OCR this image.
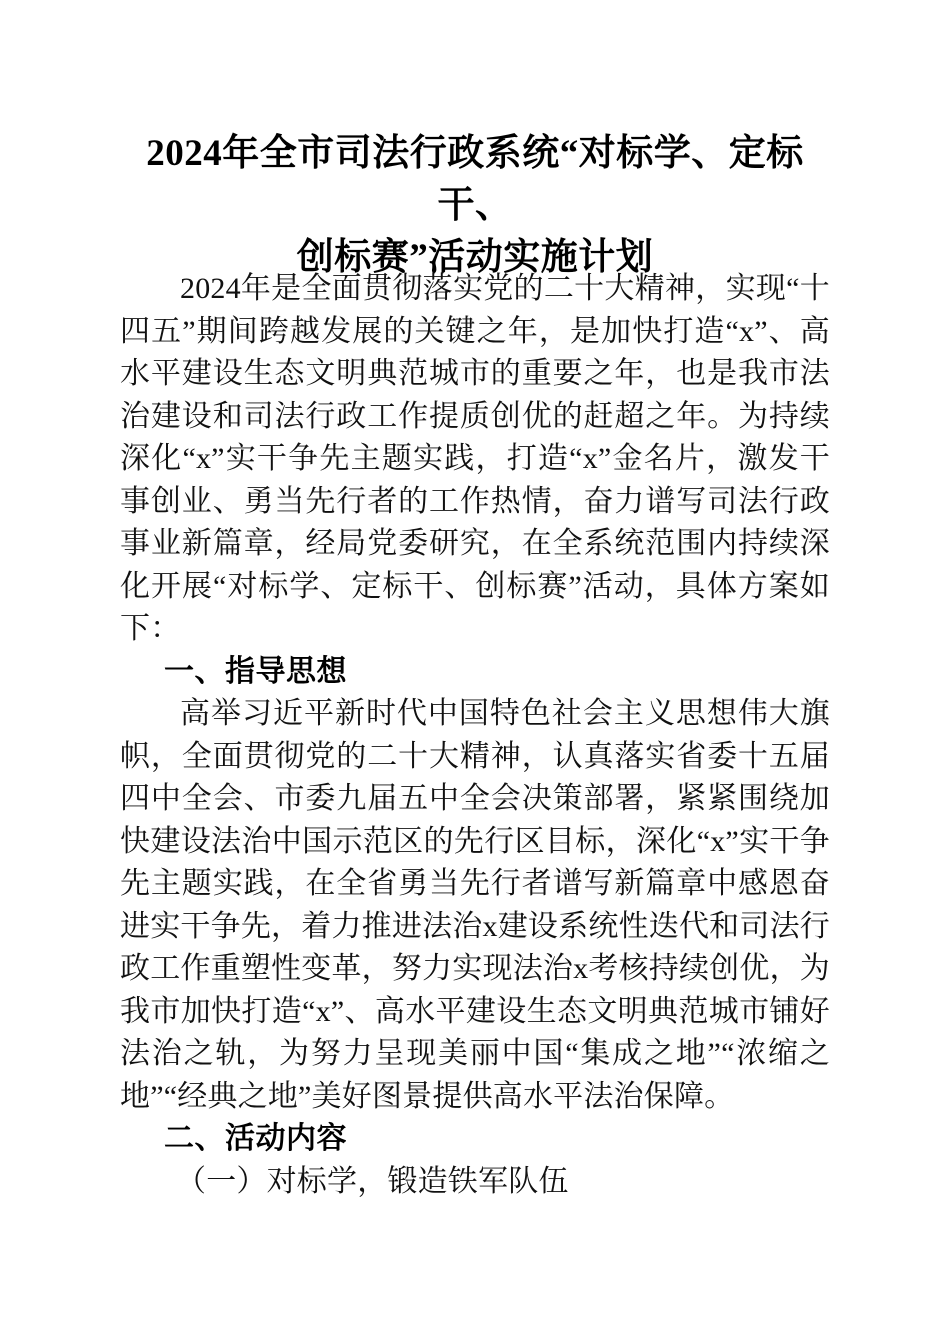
2024年全市司法行政系统“对标学、定标干、
创标赛”活动实施计划

2024年是全面贯彻落实党的二十大精神，实现“十四五”期间跨越发展的关键之年，是加快打造“x”、高水平建设生态文明典范城市的重要之年，也是我市法治建设和司法行政工作提质创优的赶超之年。为持续深化“x”实干争先主题实践，打造“x”金名片，激发干事创业、勇当先行者的工作热情，奋力谱写司法行政事业新篇章，经局党委研究，在全系统范围内持续深化开展“对标学、定标干、创标赛”活动，具体方案如下：

一、指导思想

高举习近平新时代中国特色社会主义思想伟大旗帜，全面贯彻党的二十大精神，认真落实省委十五届四中全会、市委九届五中全会决策部署，紧紧围绕加快建设法治中国示范区的先行区目标，深化“x”实干争先主题实践，在全省勇当先行者谱写新篇章中感恩奋进实干争先，着力推进法治x建设系统性迭代和司法行政工作重塑性变革，努力实现法治x考核持续创优，为我市加快打造“x”、高水平建设生态文明典范城市铺好法治之轨，为努力呈现美丽中国“集成之地”“浓缩之地”“经典之地”美好图景提供高水平法治保障。

二、活动内容
（一）对标学，锻造铁军队伍
